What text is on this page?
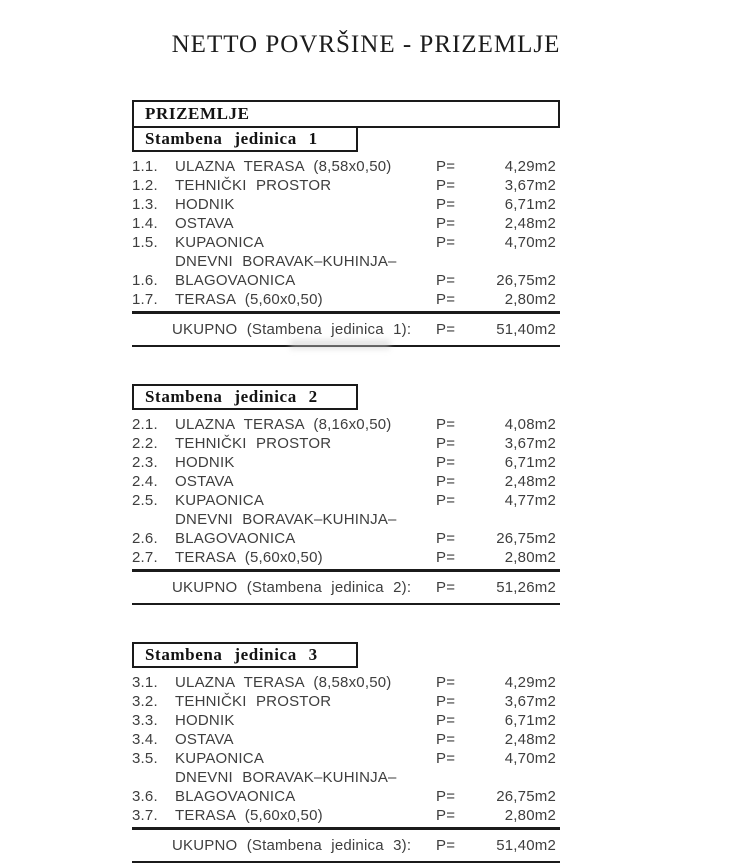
NETTO POVRŠINE - PRIZEMLJE
PRIZEMLJE
Stambena jedinica 1
1.1.	ULAZNA TERASA (8,58x0,50)	P=	4,29m2
1.2.	TEHNIČKI PROSTOR	P=	3,67m2
1.3.	HODNIK	P=	6,71m2
1.4.	OSTAVA	P=	2,48m2
1.5.	KUPAONICA	P=	4,70m2
1.6.
DNEVNI BORAVAK–KUHINJA–
BLAGOVAONICA	P=	26,75m2
1.7.	TERASA (5,60x0,50)	P=	2,80m2
UKUPNO (Stambena jedinica 1):	P=	51,40m2
Stambena jedinica 2
2.1.	ULAZNA TERASA (8,16x0,50)	P=	4,08m2
2.2.	TEHNIČKI PROSTOR	P=	3,67m2
2.3.	HODNIK	P=	6,71m2
2.4.	OSTAVA	P=	2,48m2
2.5.	KUPAONICA	P=	4,77m2
2.6.
DNEVNI BORAVAK–KUHINJA–
BLAGOVAONICA	P=	26,75m2
2.7.	TERASA (5,60x0,50)	P=	2,80m2
UKUPNO (Stambena jedinica 2):	P=	51,26m2
Stambena jedinica 3
3.1.	ULAZNA TERASA (8,58x0,50)	P=	4,29m2
3.2.	TEHNIČKI PROSTOR	P=	3,67m2
3.3.	HODNIK	P=	6,71m2
3.4.	OSTAVA	P=	2,48m2
3.5.	KUPAONICA	P=	4,70m2
3.6.
DNEVNI BORAVAK–KUHINJA–
BLAGOVAONICA	P=	26,75m2
3.7.	TERASA (5,60x0,50)	P=	2,80m2
UKUPNO (Stambena jedinica 3):	P=	51,40m2
